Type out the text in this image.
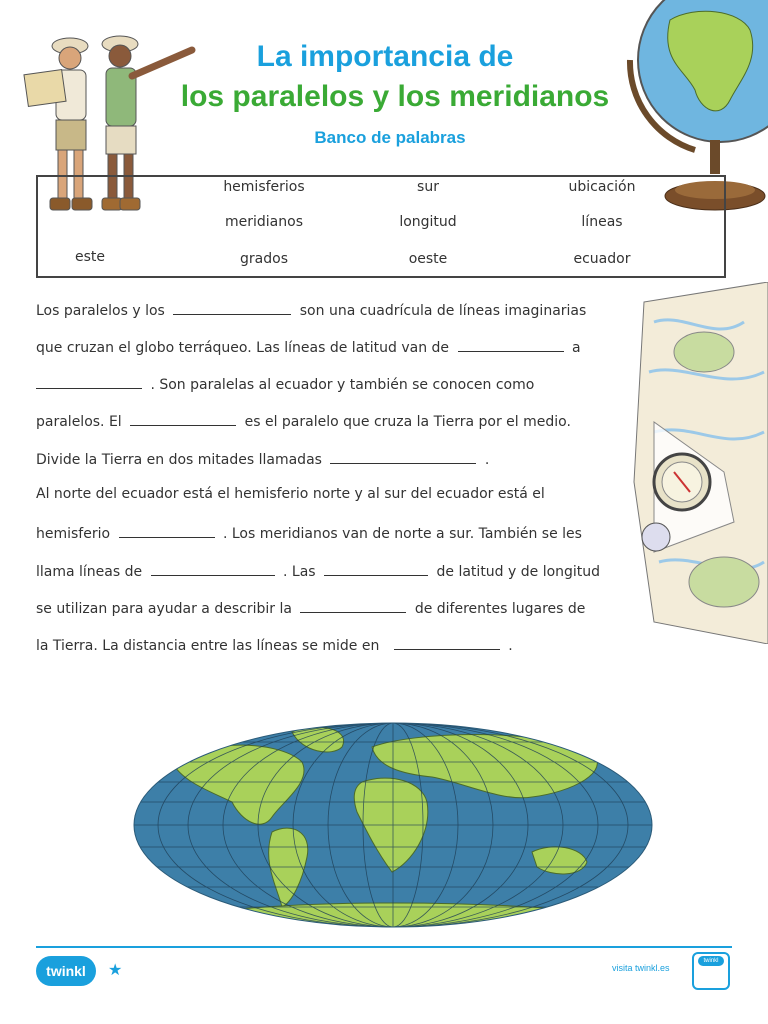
La importancia de
los paralelos y los meridianos
Banco de palabras
hemisferios	sur	ubicación
meridianos	longitud	líneas
este	grados	oeste	ecuador
Los paralelos y los	son una cuadrícula de líneas imaginarias
que cruzan el globo terráqueo. Las líneas de latitud van de	a
. Son paralelas al ecuador y también se conocen como
paralelos. El	es el paralelo que cruza la Tierra por el medio.
Divide la Tierra en dos mitades llamadas	.
Al norte del ecuador está el hemisferio norte y al sur del ecuador está el
hemisferio	. Los meridianos van de norte a sur. También se les
llama líneas de	. Las	de latitud y de longitud
se utilizan para ayudar a describir la	de diferentes lugares de
la Tierra. La distancia entre las líneas se mide en	.
twinkl	★	visita twinkl.es
twinkl
